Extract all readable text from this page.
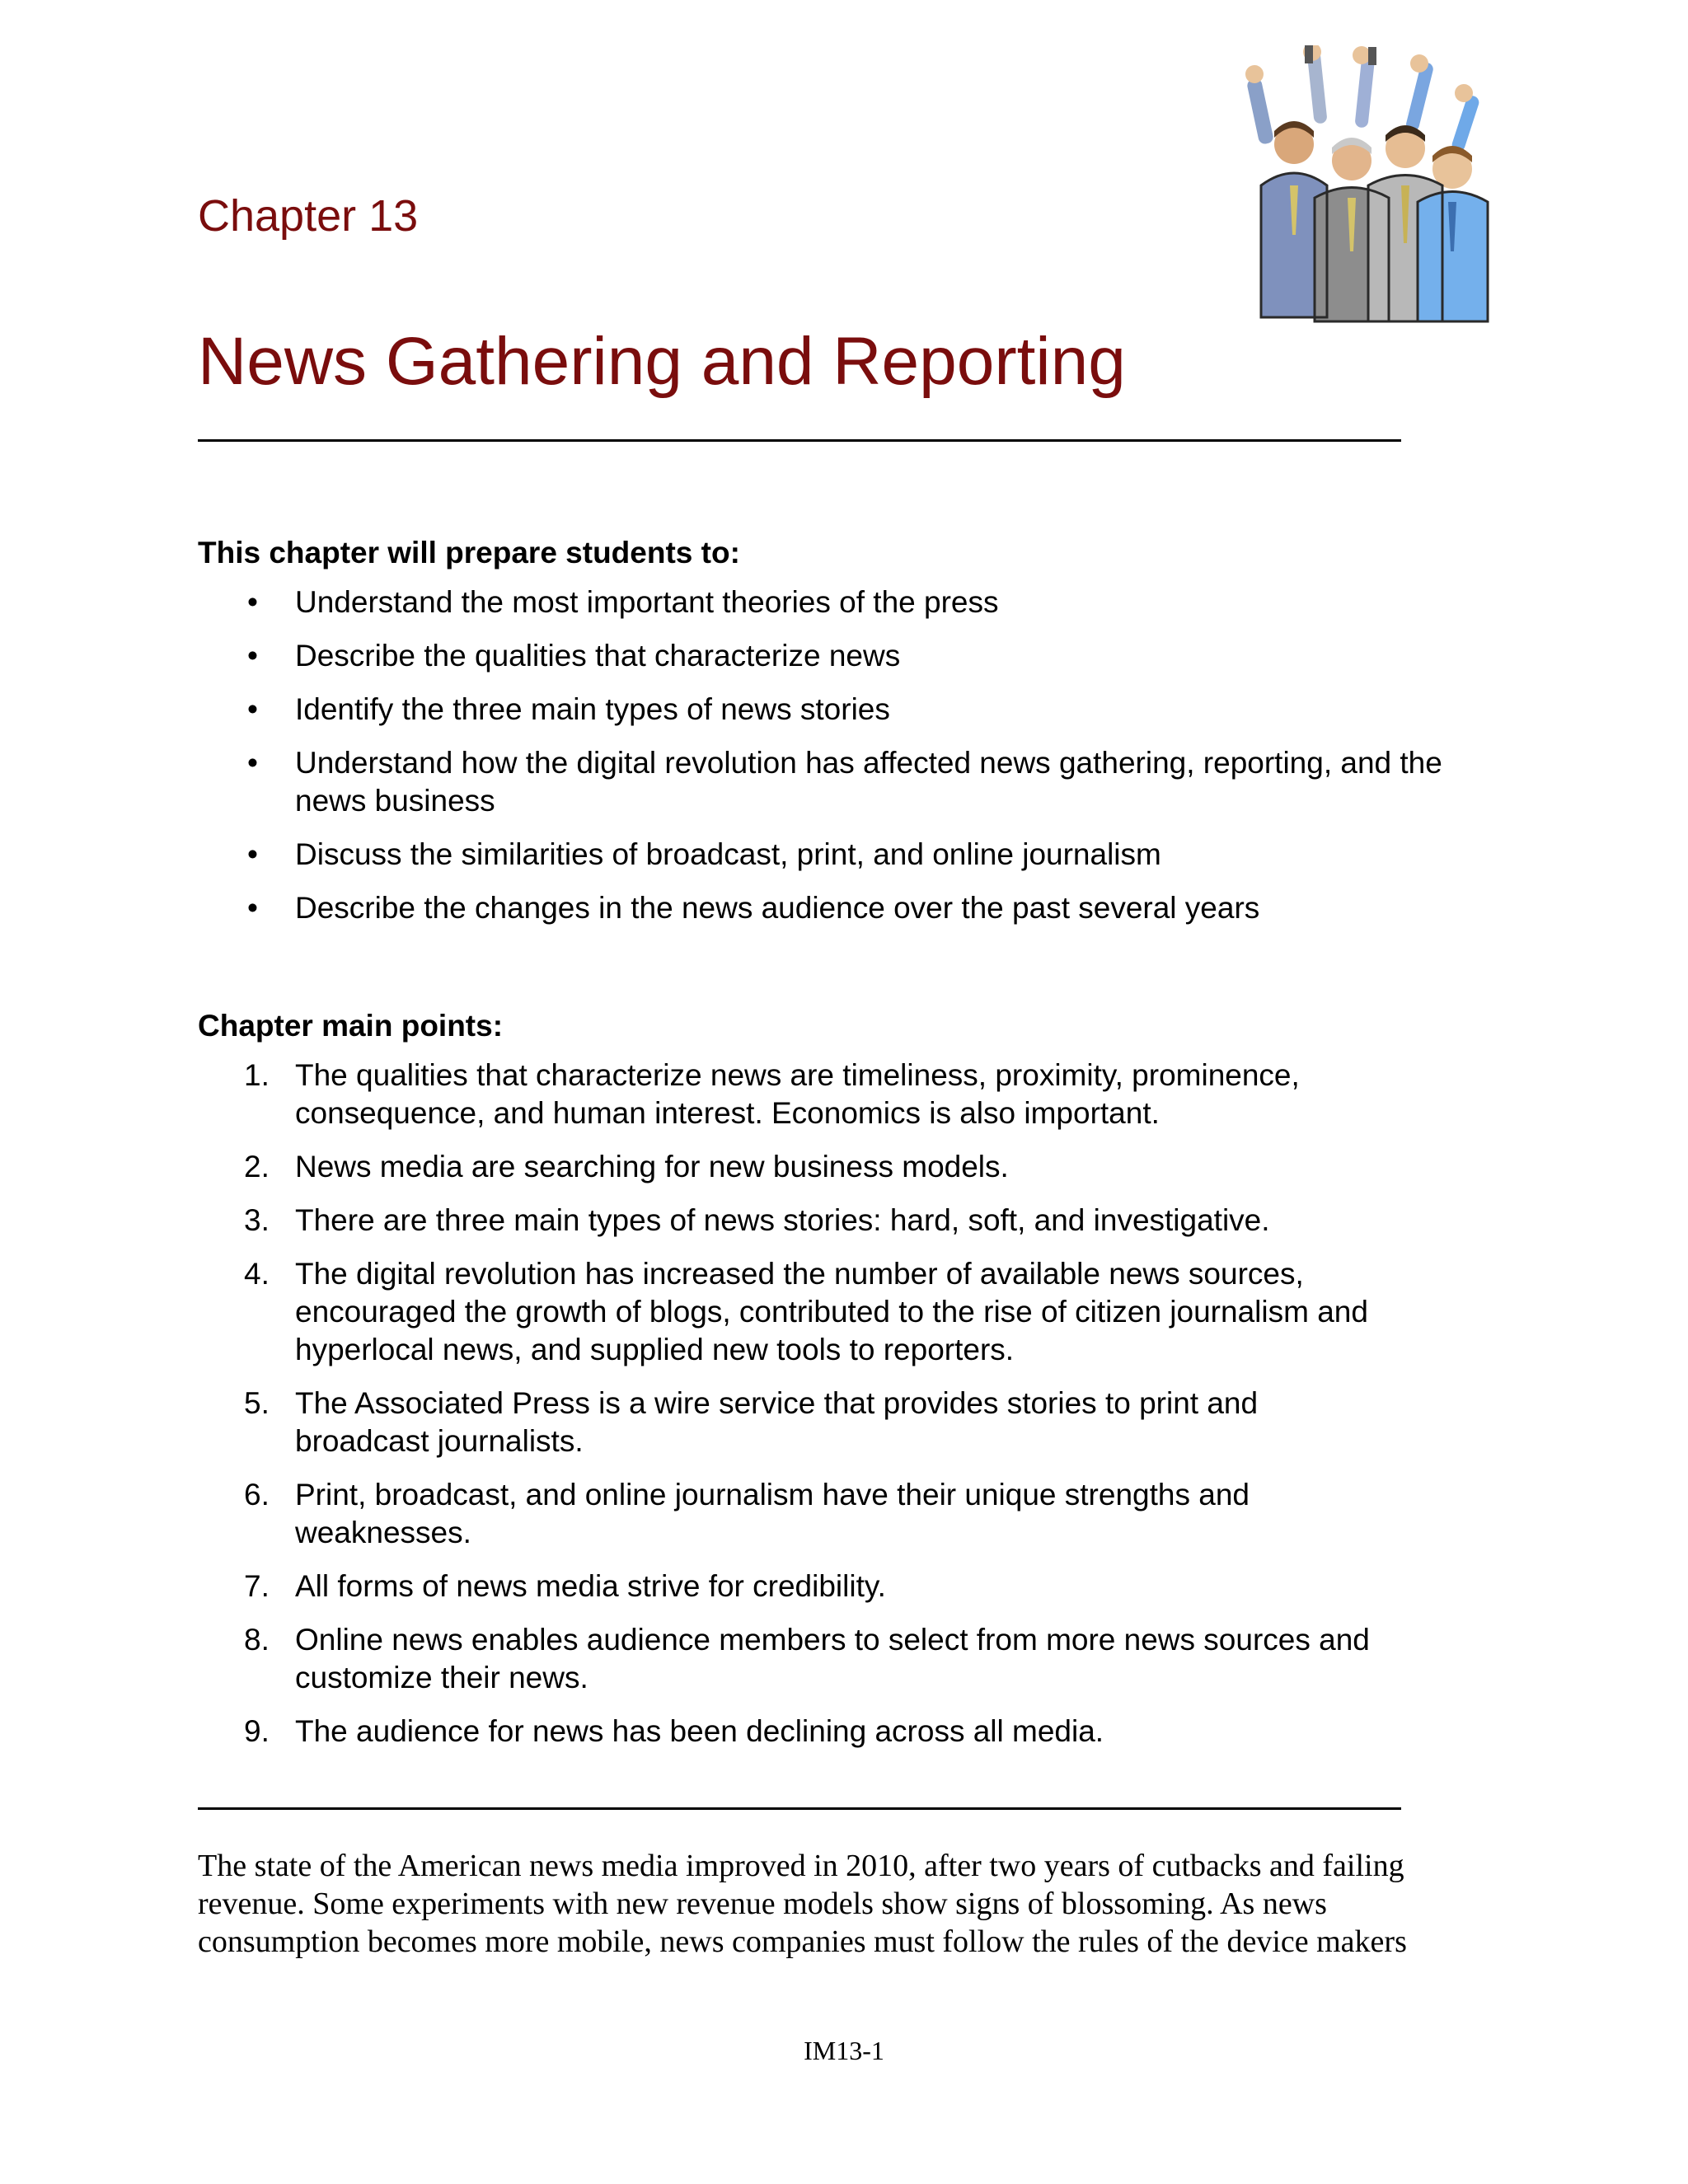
Chapter 13
News Gathering and Reporting
This chapter will prepare students to:
•	Understand the most important theories of the press
•	Describe the qualities that characterize news
•	Identify the three main types of news stories
•	Understand how the digital revolution has affected news gathering, reporting, and the news business
•	Discuss the similarities of broadcast, print, and online journalism
•	Describe the changes in the news audience over the past several years
Chapter main points:
1. The qualities that characterize news are timeliness, proximity, prominence, consequence, and human interest. Economics is also important.
2. News media are searching for new business models.
3. There are three main types of news stories: hard, soft, and investigative.
4. The digital revolution has increased the number of available news sources, encouraged the growth of blogs, contributed to the rise of citizen journalism and hyperlocal news, and supplied new tools to reporters.
5. The Associated Press is a wire service that provides stories to print and broadcast journalists.
6. Print, broadcast, and online journalism have their unique strengths and weaknesses.
7. All forms of news media strive for credibility.
8. Online news enables audience members to select from more news sources and customize their news.
9. The audience for news has been declining across all media.
The state of the American news media improved in 2010, after two years of cutbacks and failing revenue. Some experiments with new revenue models show signs of blossoming. As news consumption becomes more mobile, news companies must follow the rules of the device makers
IM13-1
